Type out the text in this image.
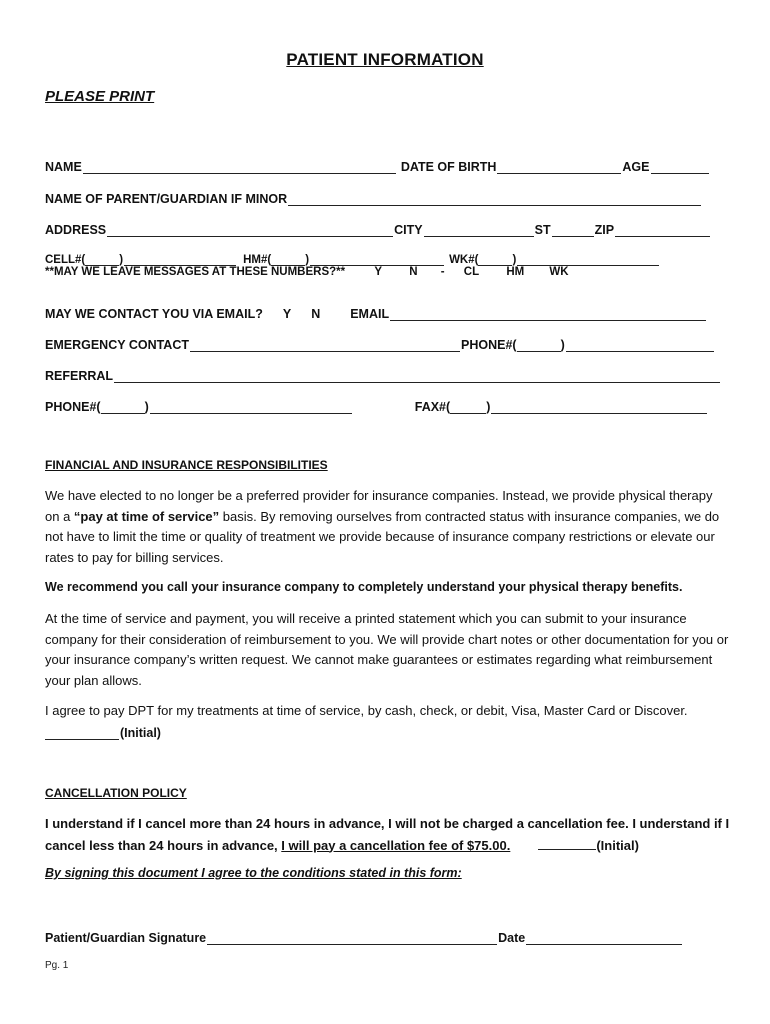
PATIENT INFORMATION
PLEASE PRINT
NAME	DATE OF BIRTH	AGE
NAME OF PARENT/GUARDIAN IF MINOR
ADDRESS	CITY	ST	ZIP
CELL# (	)	HM# (	)	WK# (	)
**MAY WE LEAVE MESSAGES AT THESE NUMBERS?**	Y N - CL HM WK
MAY WE CONTACT YOU VIA EMAIL? Y N EMAIL
EMERGENCY CONTACT	PHONE# (	)
REFERRAL
PHONE# (	)	FAX# (	)
FINANCIAL AND INSURANCE RESPONSIBILITIES
We have elected to no longer be a preferred provider for insurance companies. Instead, we provide physical therapy on a “pay at time of service” basis. By removing ourselves from contracted status with insurance companies, we do not have to limit the time or quality of treatment we provide because of insurance company restrictions or elevate our rates to pay for billing services.
We recommend you call your insurance company to completely understand your physical therapy benefits.
At the time of service and payment, you will receive a printed statement which you can submit to your insurance company for their consideration of reimbursement to you. We will provide chart notes or other documentation for you or your insurance company’s written request. We cannot make guarantees or estimates regarding what reimbursement your plan allows.
I agree to pay DPT for my treatments at time of service, by cash, check, or debit, Visa, Master Card or Discover.
(Initial)
CANCELLATION POLICY
I understand if I cancel more than 24 hours in advance, I will not be charged a cancellation fee. I understand if I cancel less than 24 hours in advance, I will pay a cancellation fee of $75.00.	(Initial)
By signing this document I agree to the conditions stated in this form:
Patient/Guardian Signature	Date
Pg. 1
